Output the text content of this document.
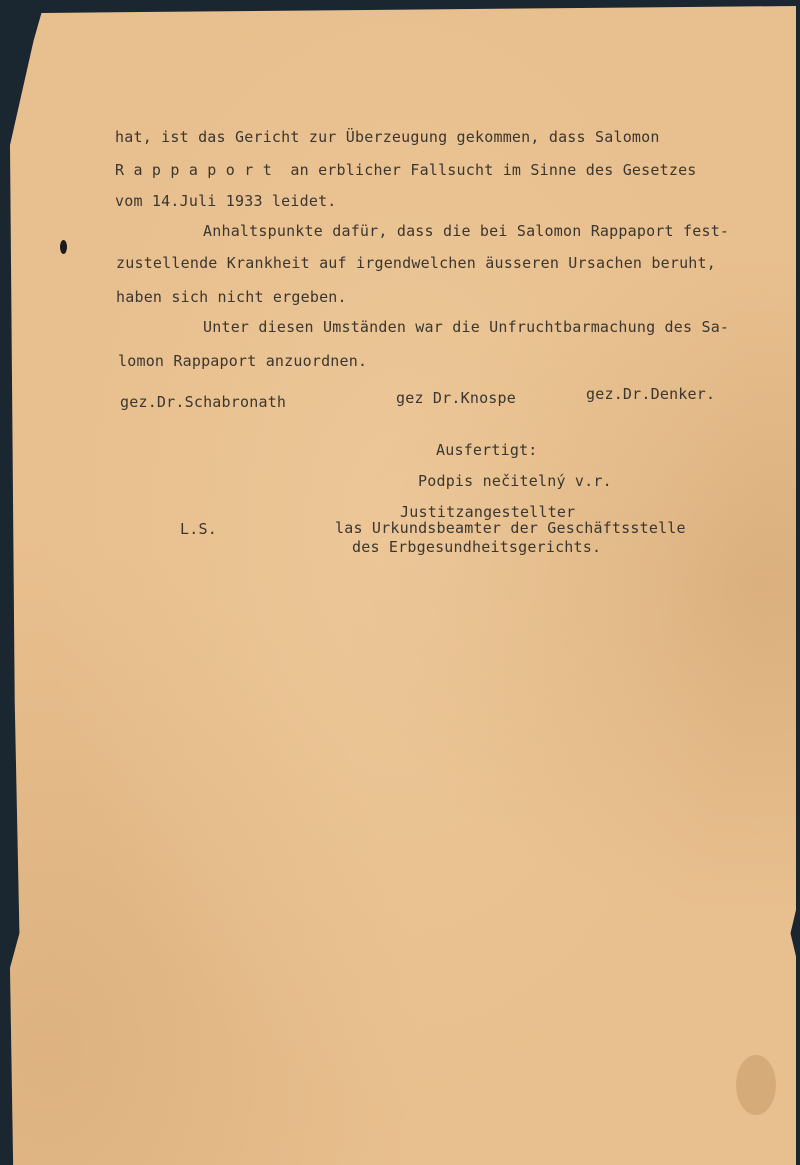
hat, ist das Gericht zur Überzeugung gekommen, dass Salomon
R a p p a p o r t  an erblicher Fallsucht im Sinne des Gesetzes
vom 14.Juli 1933 leidet.
Anhaltspunkte dafür, dass die bei Salomon Rappaport fest-
zustellende Krankheit auf irgendwelchen äusseren Ursachen beruht,
haben sich nicht ergeben.
Unter diesen Umständen war die Unfruchtbarmachung des Sa-
lomon Rappaport anzuordnen.
gez.Dr.Schabronath	gez Dr.Knospe	gez.Dr.Denker.
Ausfertigt:
Podpis nečitelný v.r.
L.S.
Justitzangestellter
las Urkundsbeamter der Geschäftsstelle
des Erbgesundheitsgerichts.
